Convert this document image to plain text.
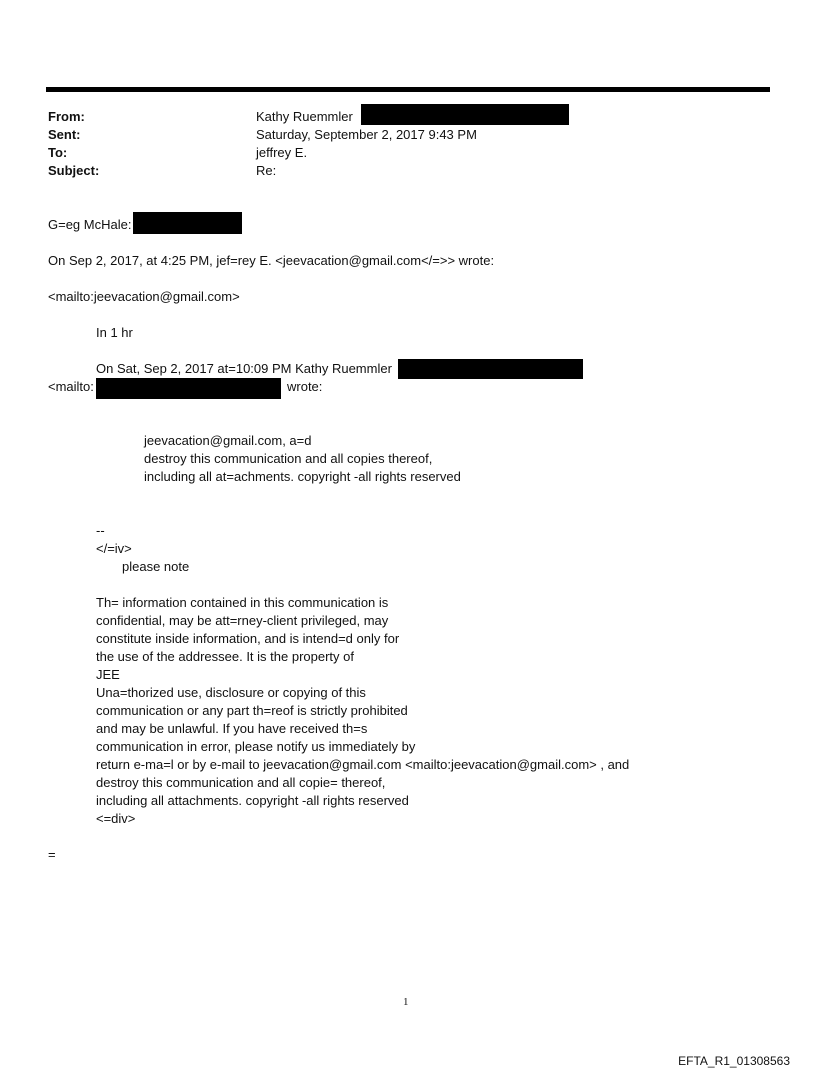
From:	Kathy Ruemmler
Sent:	Saturday, September 2, 2017 9:43 PM
To:	jeffrey E.
Subject:	Re:
G=eg McHale:
On Sep 2, 2017, at 4:25 PM, jef=rey E. <jeevacation@gmail.com</=>> wrote:
<mailto:jeevacation@gmail.com>
In 1 hr
On Sat, Sep 2, 2017 at=10:09 PM Kathy Ruemmler
<mailto:	wrote:
jeevacation@gmail.com, a=d
destroy this communication and all copies thereof,
including all at=achments. copyright -all rights reserved
--
</=iv>
please note
Th= information contained in this communication is
confidential, may be att=rney-client privileged, may
constitute inside information, and is intend=d only for
the use of the addressee. It is the property of
JEE
Una=thorized use, disclosure or copying of this
communication or any part th=reof is strictly prohibited
and may be unlawful. If you have received th=s
communication in error, please notify us immediately by
return e-ma=l or by e-mail to jeevacation@gmail.com <mailto:jeevacation@gmail.com> , and
destroy this communication and all copie= thereof,
including all attachments. copyright -all rights reserved
<=div>
=
1
EFTA_R1_01308563
